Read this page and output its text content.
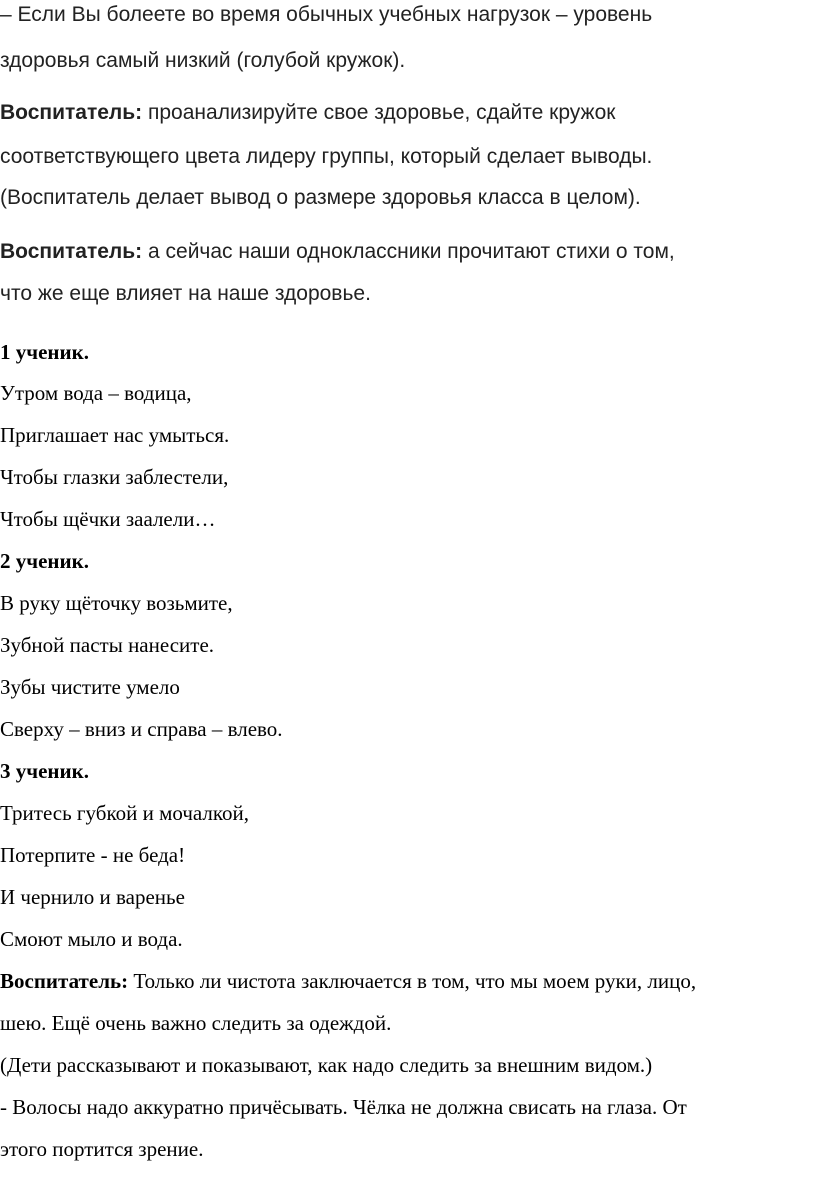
– Если Вы болеете во время обычных учебных нагрузок – уровень
здоровья самый низкий (голубой кружок).
Воспитатель: проанализируйте свое здоровье, сдайте кружок
соответствующего цвета лидеру группы, который сделает выводы.
(Воспитатель делает вывод о размере здоровья класса в целом).
Воспитатель: а сейчас наши одноклассники прочитают стихи о том,
что же еще влияет на наше здоровье.
1 ученик.
Утром вода – водица,
Приглашает нас умыться.
Чтобы глазки заблестели,
Чтобы щёчки заалели…
2 ученик.
В руку щёточку возьмите,
Зубной пасты нанесите.
Зубы чистите умело
Сверху – вниз и справа – влево.
3 ученик.
Тритесь губкой и мочалкой,
Потерпите - не беда!
И чернило и варенье
Смоют мыло и вода.
Воспитатель: Только ли чистота заключается в том, что мы моем руки, лицо,
шею. Ещё очень важно следить за одеждой.
(Дети рассказывают и показывают, как надо следить за внешним видом.)
- Волосы надо аккуратно причёсывать. Чёлка не должна свисать на глаза. От
этого портится зрение.
